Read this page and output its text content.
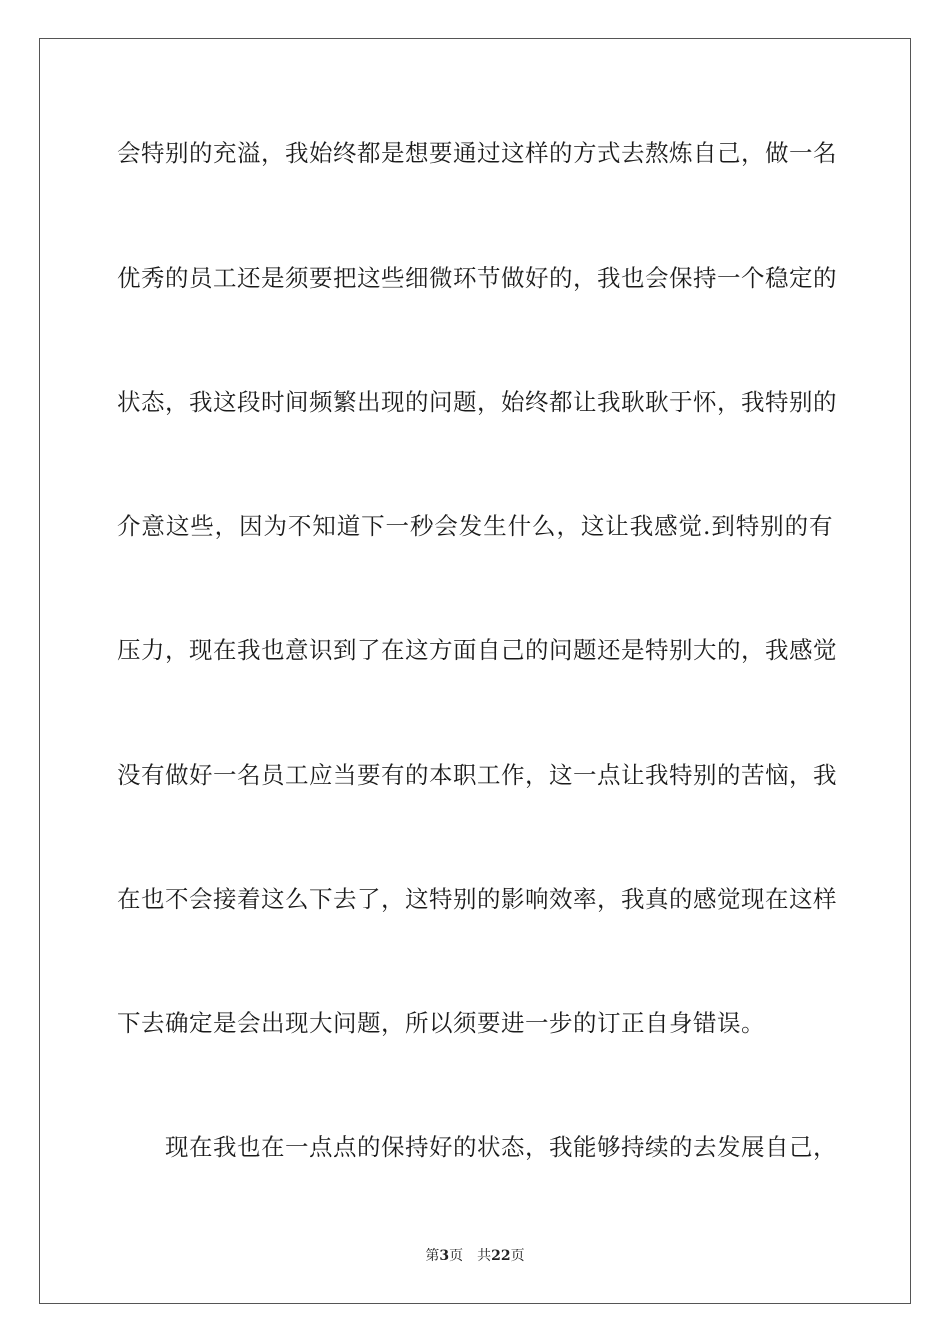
会特别的充溢，我始终都是想要通过这样的方式去熬炼自己，做一名
优秀的员工还是须要把这些细微环节做好的，我也会保持一个稳定的
状态，我这段时间频繁出现的问题，始终都让我耿耿于怀，我特别的
介意这些，因为不知道下一秒会发生什么，这让我感觉.到特别的有
压力，现在我也意识到了在这方面自己的问题还是特别大的，我感觉
没有做好一名员工应当要有的本职工作，这一点让我特别的苦恼，我
在也不会接着这么下去了，这特别的影响效率，我真的感觉现在这样
下去确定是会出现大问题，所以须要进一步的订正自身错误。
现在我也在一点点的保持好的状态，我能够持续的去发展自己，
第3页 共22页
